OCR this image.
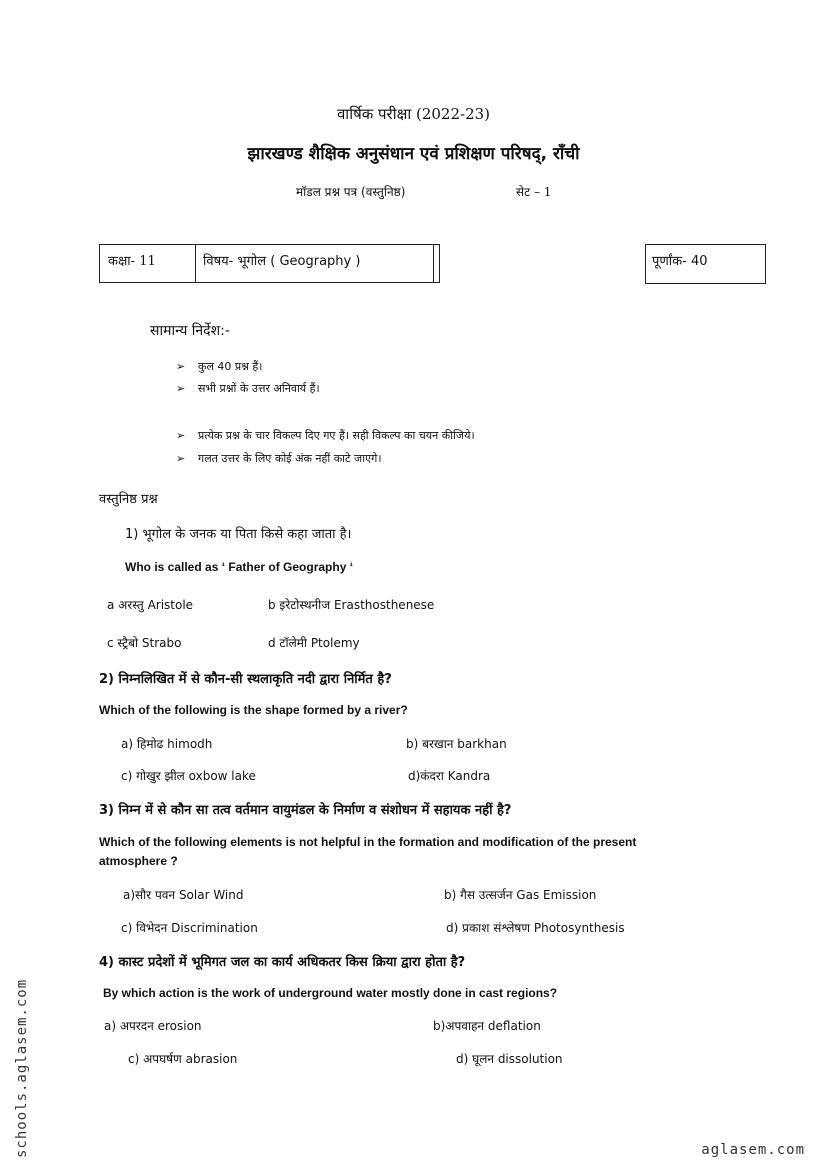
वार्षिक परीक्षा (2022-23)
झारखण्ड शैक्षिक अनुसंधान एवं प्रशिक्षण परिषद्, राँची
मॉडल प्रश्न पत्र (वस्तुनिष्ठ)	सेट – 1
कक्षा- 11	विषय- भूगोल ( Geography )	पूर्णांक- 40
सामान्य निर्देश:-
➢ कुल 40 प्रश्न हैं।
➢ सभी प्रश्नों के उत्तर अनिवार्य हैं।
➢ प्रत्येक प्रश्न के चार विकल्प दिए गए हैं। सही विकल्प का चयन कीजिये।
➢ गलत उत्तर के लिए कोई अंक नहीं काटे जाएगे।
वस्तुनिष्ठ प्रश्न
1) भूगोल के जनक या पिता किसे कहा जाता है।
Who is called as ‘ Father of Geography ‘
a अरस्तु Aristole	b इरेटोस्थनीज Erasthosthenese
c स्ट्रैबो Strabo	d टॉलेमी Ptolemy
2) निम्नलिखित में से कौन-सी स्थलाकृति नदी द्वारा निर्मित है?
Which of the following is the shape formed by a river?
a) हिमोढ himodh	b) बरखान barkhan
c) गोखुर झील oxbow lake	d)कंदरा Kandra
3) निम्न में से कौन सा तत्व वर्तमान वायुमंडल के निर्माण व संशोधन में सहायक नहीं है?
Which of the following elements is not helpful in the formation and modification of the present
atmosphere ?
a)सौर पवन Solar Wind	b) गैस उत्सर्जन Gas Emission
c) विभेदन Discrimination	d) प्रकाश संश्लेषण Photosynthesis
4) कास्ट प्रदेशों में भूमिगत जल का कार्य अधिकतर किस क्रिया द्वारा होता है?
By which action is the work of underground water mostly done in cast regions?
a) अपरदन erosion	b)अपवाहन deflation
c) अपघर्षण abrasion	d) घूलन dissolution
schools.aglasem.com	aglasem.com
